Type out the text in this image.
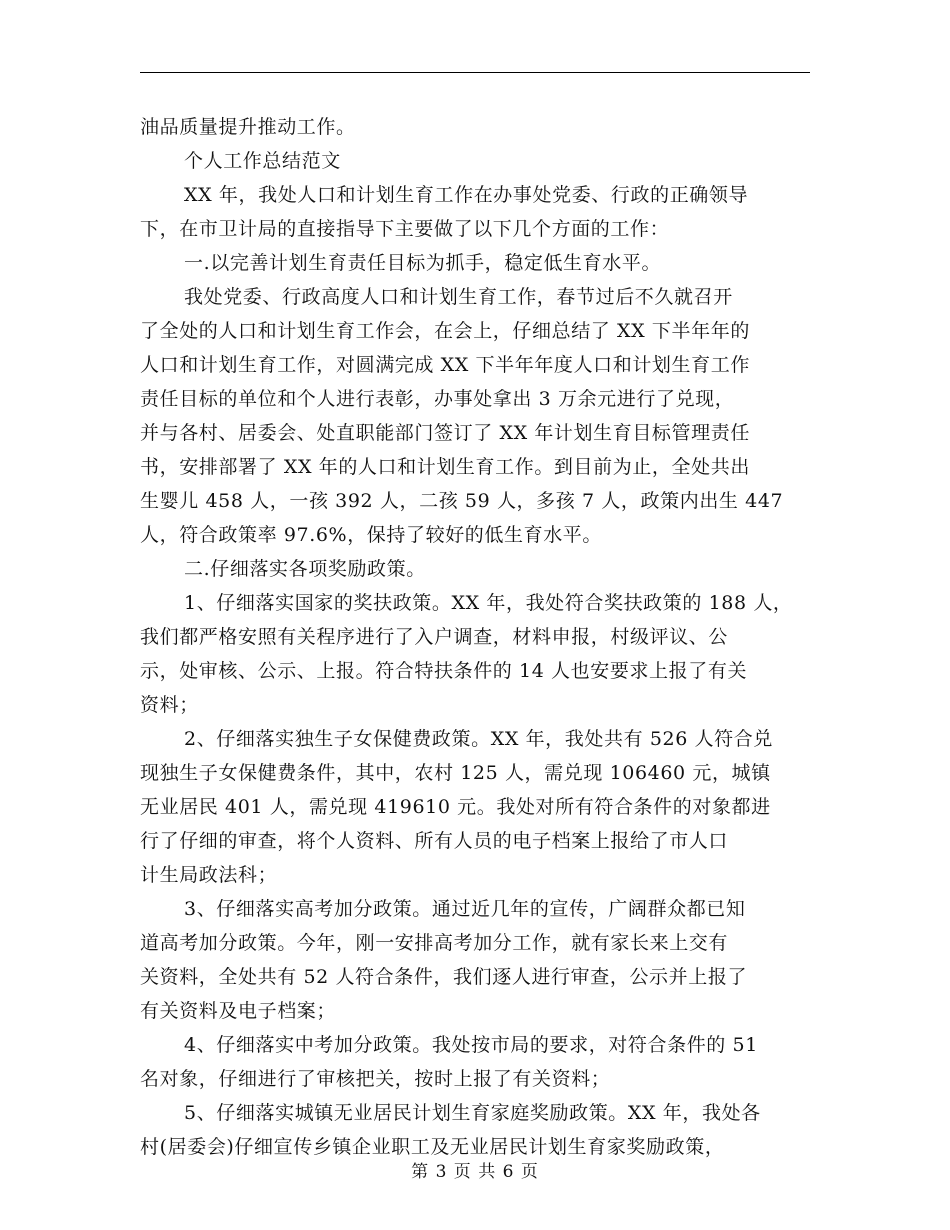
油品质量提升推动工作。
个人工作总结范文
XX 年，我处人口和计划生育工作在办事处党委、行政的正确领导
下，在市卫计局的直接指导下主要做了以下几个方面的工作：
一.以完善计划生育责任目标为抓手，稳定低生育水平。
我处党委、行政高度人口和计划生育工作，春节过后不久就召开
了全处的人口和计划生育工作会，在会上，仔细总结了 XX 下半年年的
人口和计划生育工作，对圆满完成 XX 下半年年度人口和计划生育工作
责任目标的单位和个人进行表彰，办事处拿出 3 万余元进行了兑现，
并与各村、居委会、处直职能部门签订了 XX 年计划生育目标管理责任
书，安排部署了 XX 年的人口和计划生育工作。到目前为止，全处共出
生婴儿 458 人，一孩 392 人，二孩 59 人，多孩 7 人，政策内出生 447
人，符合政策率 97.6%，保持了较好的低生育水平。
二.仔细落实各项奖励政策。
1、仔细落实国家的奖扶政策。XX 年，我处符合奖扶政策的 188 人，
我们都严格安照有关程序进行了入户调查，材料申报，村级评议、公
示，处审核、公示、上报。符合特扶条件的 14 人也安要求上报了有关
资料；
2、仔细落实独生子女保健费政策。XX 年，我处共有 526 人符合兑
现独生子女保健费条件，其中，农村 125 人，需兑现 106460 元，城镇
无业居民 401 人，需兑现 419610 元。我处对所有符合条件的对象都进
行了仔细的审查，将个人资料、所有人员的电子档案上报给了市人口
计生局政法科；
3、仔细落实高考加分政策。通过近几年的宣传，广阔群众都已知
道高考加分政策。今年，刚一安排高考加分工作，就有家长来上交有
关资料，全处共有 52 人符合条件，我们逐人进行审查，公示并上报了
有关资料及电子档案；
4、仔细落实中考加分政策。我处按市局的要求，对符合条件的 51
名对象，仔细进行了审核把关，按时上报了有关资料；
5、仔细落实城镇无业居民计划生育家庭奖励政策。XX 年，我处各
村(居委会)仔细宣传乡镇企业职工及无业居民计划生育家奖励政策，
第 3 页 共 6 页
